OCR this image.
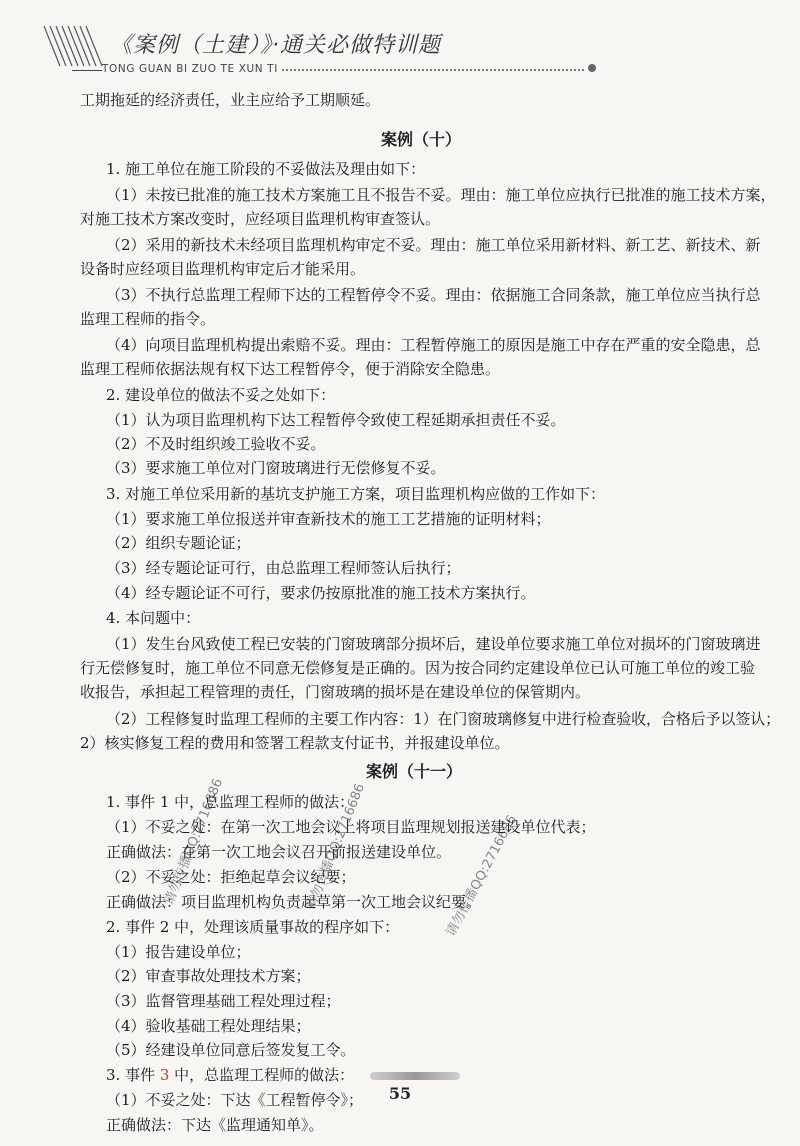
《案例（土建）》·通关必做特训题
TONG GUAN BI ZUO TE XUN TI
工期拖延的经济责任，业主应给予工期顺延。
案例（十）
1. 施工单位在施工阶段的不妥做法及理由如下：
（1）未按已批准的施工技术方案施工且不报告不妥。理由：施工单位应执行已批准的施工技术方案，
对施工技术方案改变时，应经项目监理机构审查签认。
（2）采用的新技术未经项目监理机构审定不妥。理由：施工单位采用新材料、新工艺、新技术、新
设备时应经项目监理机构审定后才能采用。
（3）不执行总监理工程师下达的工程暂停令不妥。理由：依据施工合同条款，施工单位应当执行总
监理工程师的指令。
（4）向项目监理机构提出索赔不妥。理由：工程暂停施工的原因是施工中存在严重的安全隐患，总
监理工程师依据法规有权下达工程暂停令，便于消除安全隐患。
2. 建设单位的做法不妥之处如下：
（1）认为项目监理机构下达工程暂停令致使工程延期承担责任不妥。
（2）不及时组织竣工验收不妥。
（3）要求施工单位对门窗玻璃进行无偿修复不妥。
3. 对施工单位采用新的基坑支护施工方案，项目监理机构应做的工作如下：
（1）要求施工单位报送并审查新技术的施工工艺措施的证明材料；
（2）组织专题论证；
（3）经专题论证可行，由总监理工程师签认后执行；
（4）经专题论证不可行，要求仍按原批准的施工技术方案执行。
4. 本问题中：
（1）发生台风致使工程已安装的门窗玻璃部分损坏后，建设单位要求施工单位对损坏的门窗玻璃进
行无偿修复时，施工单位不同意无偿修复是正确的。因为按合同约定建设单位已认可施工单位的竣工验
收报告，承担起工程管理的责任，门窗玻璃的损坏是在建设单位的保管期内。
（2）工程修复时监理工程师的主要工作内容：1）在门窗玻璃修复中进行检查验收，合格后予以签认；
2）核实修复工程的费用和签署工程款支付证书，并报建设单位。
案例（十一）
1. 事件 1 中，总监理工程师的做法：
（1）不妥之处：在第一次工地会议上将项目监理规划报送建设单位代表；
正确做法：在第一次工地会议召开前报送建设单位。
（2）不妥之处：拒绝起草会议纪要；
正确做法：项目监理机构负责起草第一次工地会议纪要。
2. 事件 2 中，处理该质量事故的程序如下：
（1）报告建设单位；
（2）审查事故处理技术方案；
（3）监督管理基础工程处理过程；
（4）验收基础工程处理结果；
（5）经建设单位同意后签发复工令。
3. 事件 3 中，总监理工程师的做法：
（1）不妥之处：下达《工程暂停令》；
正确做法：下达《监理通知单》。
请勿传播QQ:2716686
请勿传播QQ:2716686	请勿传播QQ:2716686
55
